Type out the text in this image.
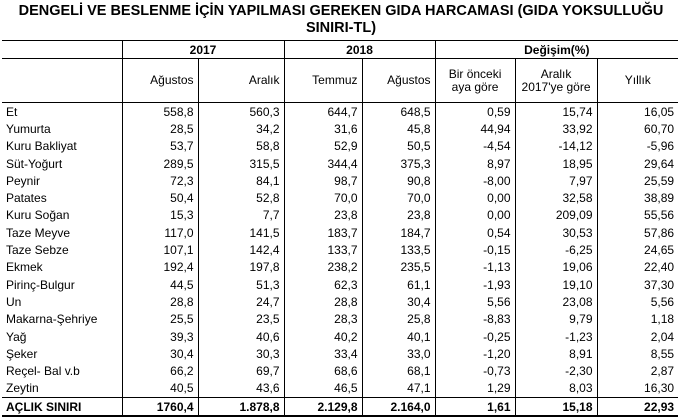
DENGELİ VE BESLENME İÇİN YAPILMASI GEREKEN GIDA HARCAMASI (GIDA YOKSULLUĞU SINIRI-TL)
	2017		2018		Değişim(%)		
	Ağustos	Aralık	Temmuz	Ağustos	Bir önceki aya göre	Aralık 2017'ye göre	Yıllık
Et	558,8	560,3	644,7	648,5	0,59	15,74	16,05
Yumurta	28,5	34,2	31,6	45,8	44,94	33,92	60,70
Kuru Bakliyat	53,7	58,8	52,9	50,5	-4,54	-14,12	-5,96
Süt-Yoğurt	289,5	315,5	344,4	375,3	8,97	18,95	29,64
Peynir	72,3	84,1	98,7	90,8	-8,00	7,97	25,59
Patates	50,4	52,8	70,0	70,0	0,00	32,58	38,89
Kuru Soğan	15,3	7,7	23,8	23,8	0,00	209,09	55,56
Taze Meyve	117,0	141,5	183,7	184,7	0,54	30,53	57,86
Taze Sebze	107,1	142,4	133,7	133,5	-0,15	-6,25	24,65
Ekmek	192,4	197,8	238,2	235,5	-1,13	19,06	22,40
Pirinç-Bulgur	44,5	51,3	62,3	61,1	-1,93	19,10	37,30
Un	28,8	24,7	28,8	30,4	5,56	23,08	5,56
Makarna-Şehriye	25,5	23,5	28,3	25,8	-8,83	9,79	1,18
Yağ	39,3	40,6	40,2	40,1	-0,25	-1,23	2,04
Şeker	30,4	30,3	33,4	33,0	-1,20	8,91	8,55
Reçel- Bal v.b	66,2	69,7	68,6	68,1	-0,73	-2,30	2,87
Zeytin	40,5	43,6	46,5	47,1	1,29	8,03	16,30
AÇLIK SINIRI	1760,4	1.878,8	2.129,8	2.164,0	1,61	15,18	22,93
